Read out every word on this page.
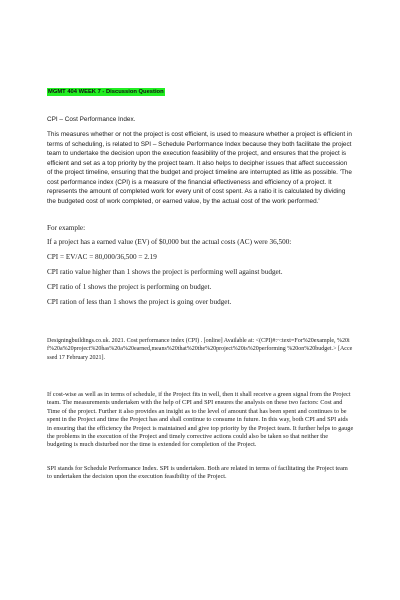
MGMT 404 WEEK 7 - Discussion Question

CPI – Cost Performance Index.

This measures whether or not the project is cost efficient, is used to measure whether a project is efficient in terms of scheduling, is related to SPI – Schedule Performance Index because they both facilitate the project team to undertake the decision upon the execution feasibility of the project, and ensures that the project is efficient and set as a top priority by the project team. It also helps to decipher issues that affect succession of the project timeline, ensuring that the budget and project timeline are interrupted as little as possible. 'The cost performance index (CPI) is a measure of the financial effectiveness and efficiency of a project. It represents the amount of completed work for every unit of cost spent. As a ratio it is calculated by dividing the budgeted cost of work completed, or earned value, by the actual cost of the work performed.'

For example:

If a project has a earned value (EV) of $0,000 but the actual costs (AC) were 36,500:

CPI = EV/AC = 80,000/36,500 = 2.19

CPI ratio value higher than 1 shows the project is performing well against budget.

CPI ratio of 1 shows the project is performing on budget.

CPI ration of less than 1 shows the project is going over budget.

Designingbuildings.co.uk. 2021. Cost performance index (CPI) . [online] Available at: <(CPI)#:~:text=For%20example, %20if%20a%20project%20has%20a%20earned,means%20that%20the%20project%20is%20performing %20on%20budget.> [Accessed 17 February 2021].

If cost-wise as well as in terms of schedule, if the Project fits in well, then it shall receive a green signal from the Project team. The measurements undertaken with the help of CPI and SPI ensures the analysis on these two factors: Cost and Time of the project. Further it also provides an insight as to the level of amount that has been spent and continues to be spent in the Project and time the Project has and shall continue to consume in future. In this way, both CPI and SPI aids in ensuring that the efficiency the Project is maintained and give top priority by the Project team. It further helps to gauge the problems in the execution of the Project and timely corrective actions could also be taken so that neither the budgeting is much disturbed nor the time is extended for completion of the Project.

SPI stands for Schedule Performance Index. SPI is undertaken. Both are related in terms of facilitating the Project team to undertaken the decision upon the execution feasibility of the Project.
